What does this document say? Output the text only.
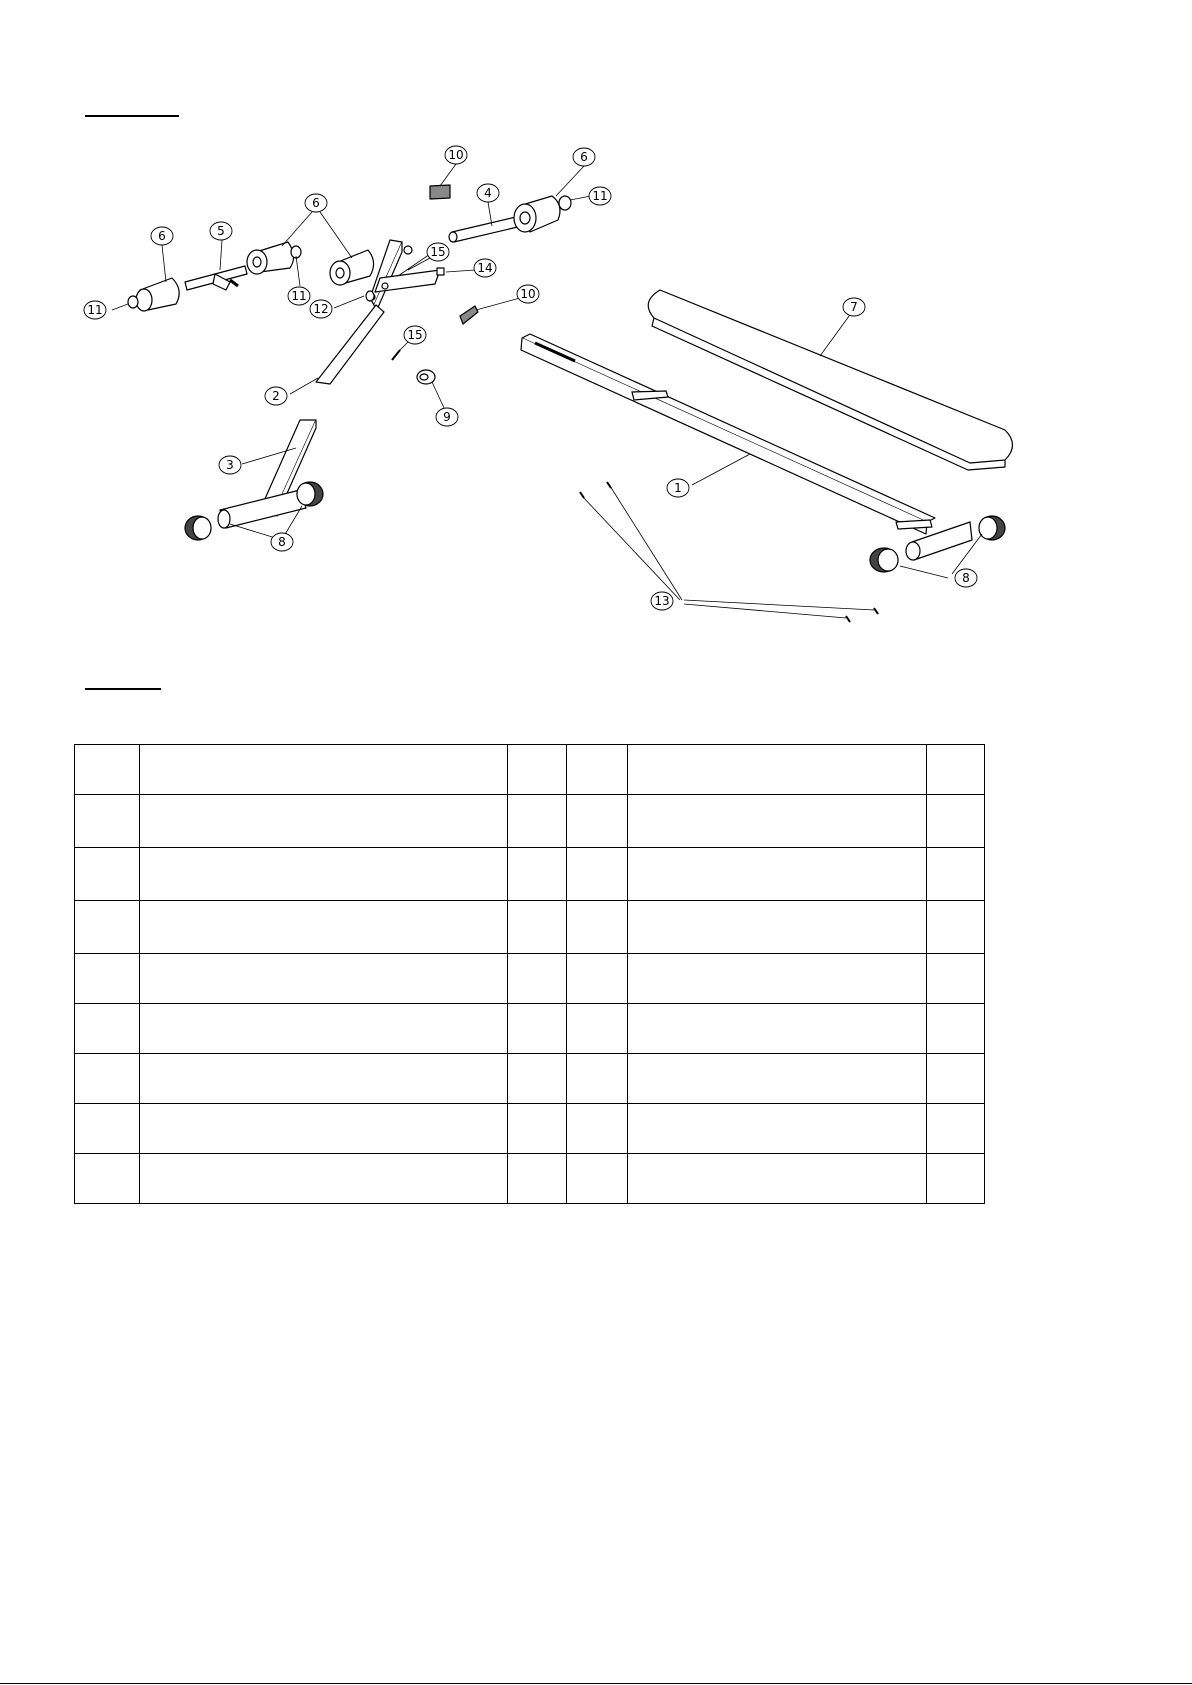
10	6
4	11
6
6	5
15
14
11
12
11
10
7
15
2
9
3
1
8
8
13
